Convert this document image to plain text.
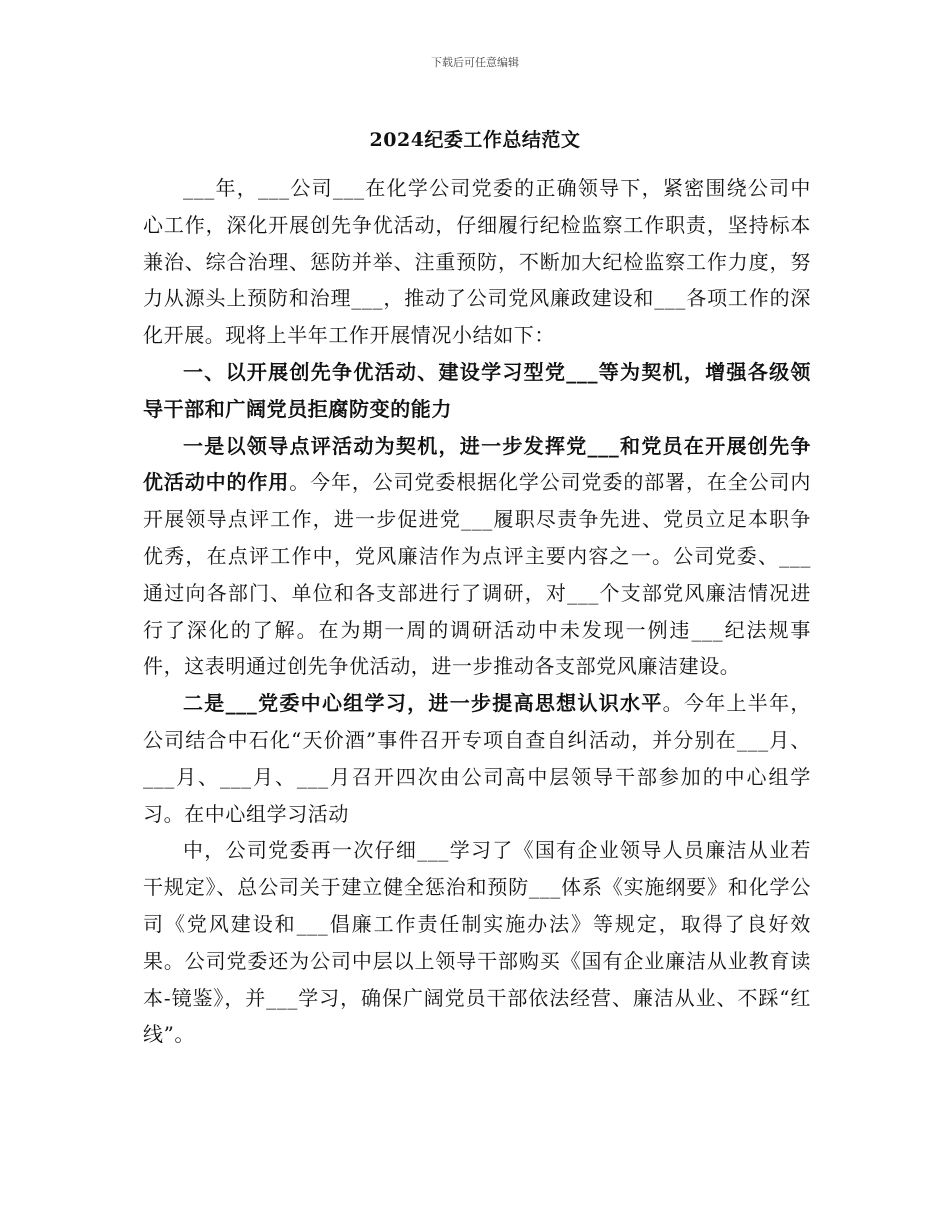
下载后可任意编辑
2024纪委工作总结范文

___年，___公司___在化学公司党委的正确领导下，紧密围绕公司中心工作，深化开展创先争优活动，仔细履行纪检监察工作职责，坚持标本兼治、综合治理、惩防并举、注重预防，不断加大纪检监察工作力度，努力从源头上预防和治理___，推动了公司党风廉政建设和___各项工作的深化开展。现将上半年工作开展情况小结如下：

一、以开展创先争优活动、建设学习型党___等为契机，增强各级领导干部和广阔党员拒腐防变的能力

一是以领导点评活动为契机，进一步发挥党___和党员在开展创先争优活动中的作用。今年，公司党委根据化学公司党委的部署，在全公司内开展领导点评工作，进一步促进党___履职尽责争先进、党员立足本职争优秀，在点评工作中，党风廉洁作为点评主要内容之一。公司党委、___通过向各部门、单位和各支部进行了调研，对___个支部党风廉洁情况进行了深化的了解。在为期一周的调研活动中未发现一例违___纪法规事件，这表明通过创先争优活动，进一步推动各支部党风廉洁建设。

二是___党委中心组学习，进一步提高思想认识水平。今年上半年，公司结合中石化“天价酒”事件召开专项自查自纠活动，并分别在___月、___月、___月、___月召开四次由公司高中层领导干部参加的中心组学习。在中心组学习活动

中，公司党委再一次仔细___学习了《国有企业领导人员廉洁从业若干规定》、总公司关于建立健全惩治和预防___体系《实施纲要》和化学公司《党风建设和___倡廉工作责任制实施办法》等规定，取得了良好效果。公司党委还为公司中层以上领导干部购买《国有企业廉洁从业教育读本-镜鉴》，并___学习，确保广阔党员干部依法经营、廉洁从业、不踩“红线”。
